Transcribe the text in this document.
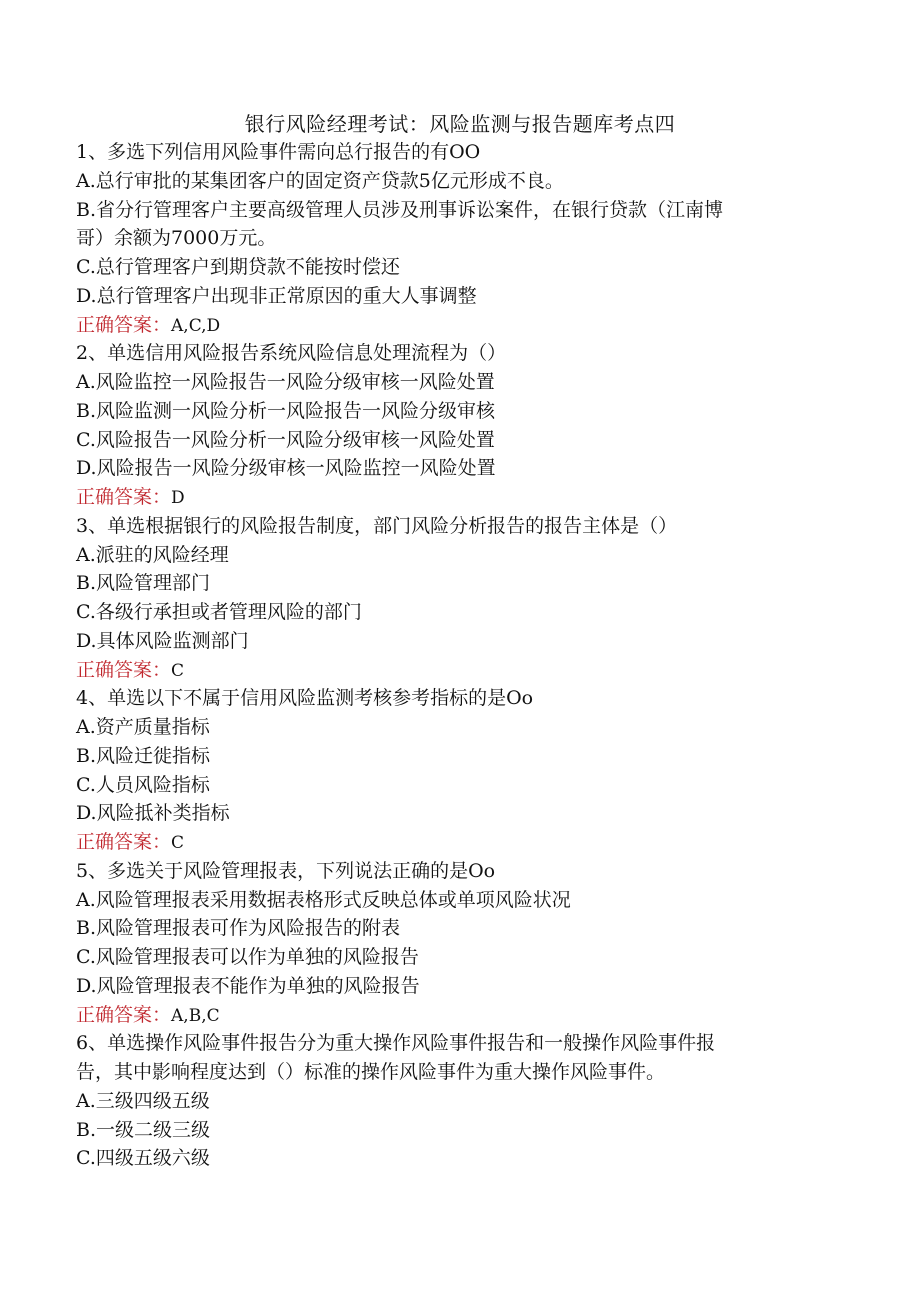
银行风险经理考试：风险监测与报告题库考点四
1、多选下列信用风险事件需向总行报告的有OO
A.总行审批的某集团客户的固定资产贷款5亿元形成不良。
B.省分行管理客户主要高级管理人员涉及刑事诉讼案件，在银行贷款（江南博
哥）余额为7000万元。
C.总行管理客户到期贷款不能按时偿还
D.总行管理客户出现非正常原因的重大人事调整
正确答案：A,C,D
2、单选信用风险报告系统风险信息处理流程为（）
A.风险监控一风险报告一风险分级审核一风险处置
B.风险监测一风险分析一风险报告一风险分级审核
C.风险报告一风险分析一风险分级审核一风险处置
D.风险报告一风险分级审核一风险监控一风险处置
正确答案：D
3、单选根据银行的风险报告制度，部门风险分析报告的报告主体是（）
A.派驻的风险经理
B.风险管理部门
C.各级行承担或者管理风险的部门
D.具体风险监测部门
正确答案：C
4、单选以下不属于信用风险监测考核参考指标的是Oo
A.资产质量指标
B.风险迁徙指标
C.人员风险指标
D.风险抵补类指标
正确答案：C
5、多选关于风险管理报表，下列说法正确的是Oo
A.风险管理报表采用数据表格形式反映总体或单项风险状况
B.风险管理报表可作为风险报告的附表
C.风险管理报表可以作为单独的风险报告
D.风险管理报表不能作为单独的风险报告
正确答案：A,B,C
6、单选操作风险事件报告分为重大操作风险事件报告和一般操作风险事件报
告，其中影响程度达到（）标准的操作风险事件为重大操作风险事件。
A.三级四级五级
B.一级二级三级
C.四级五级六级
